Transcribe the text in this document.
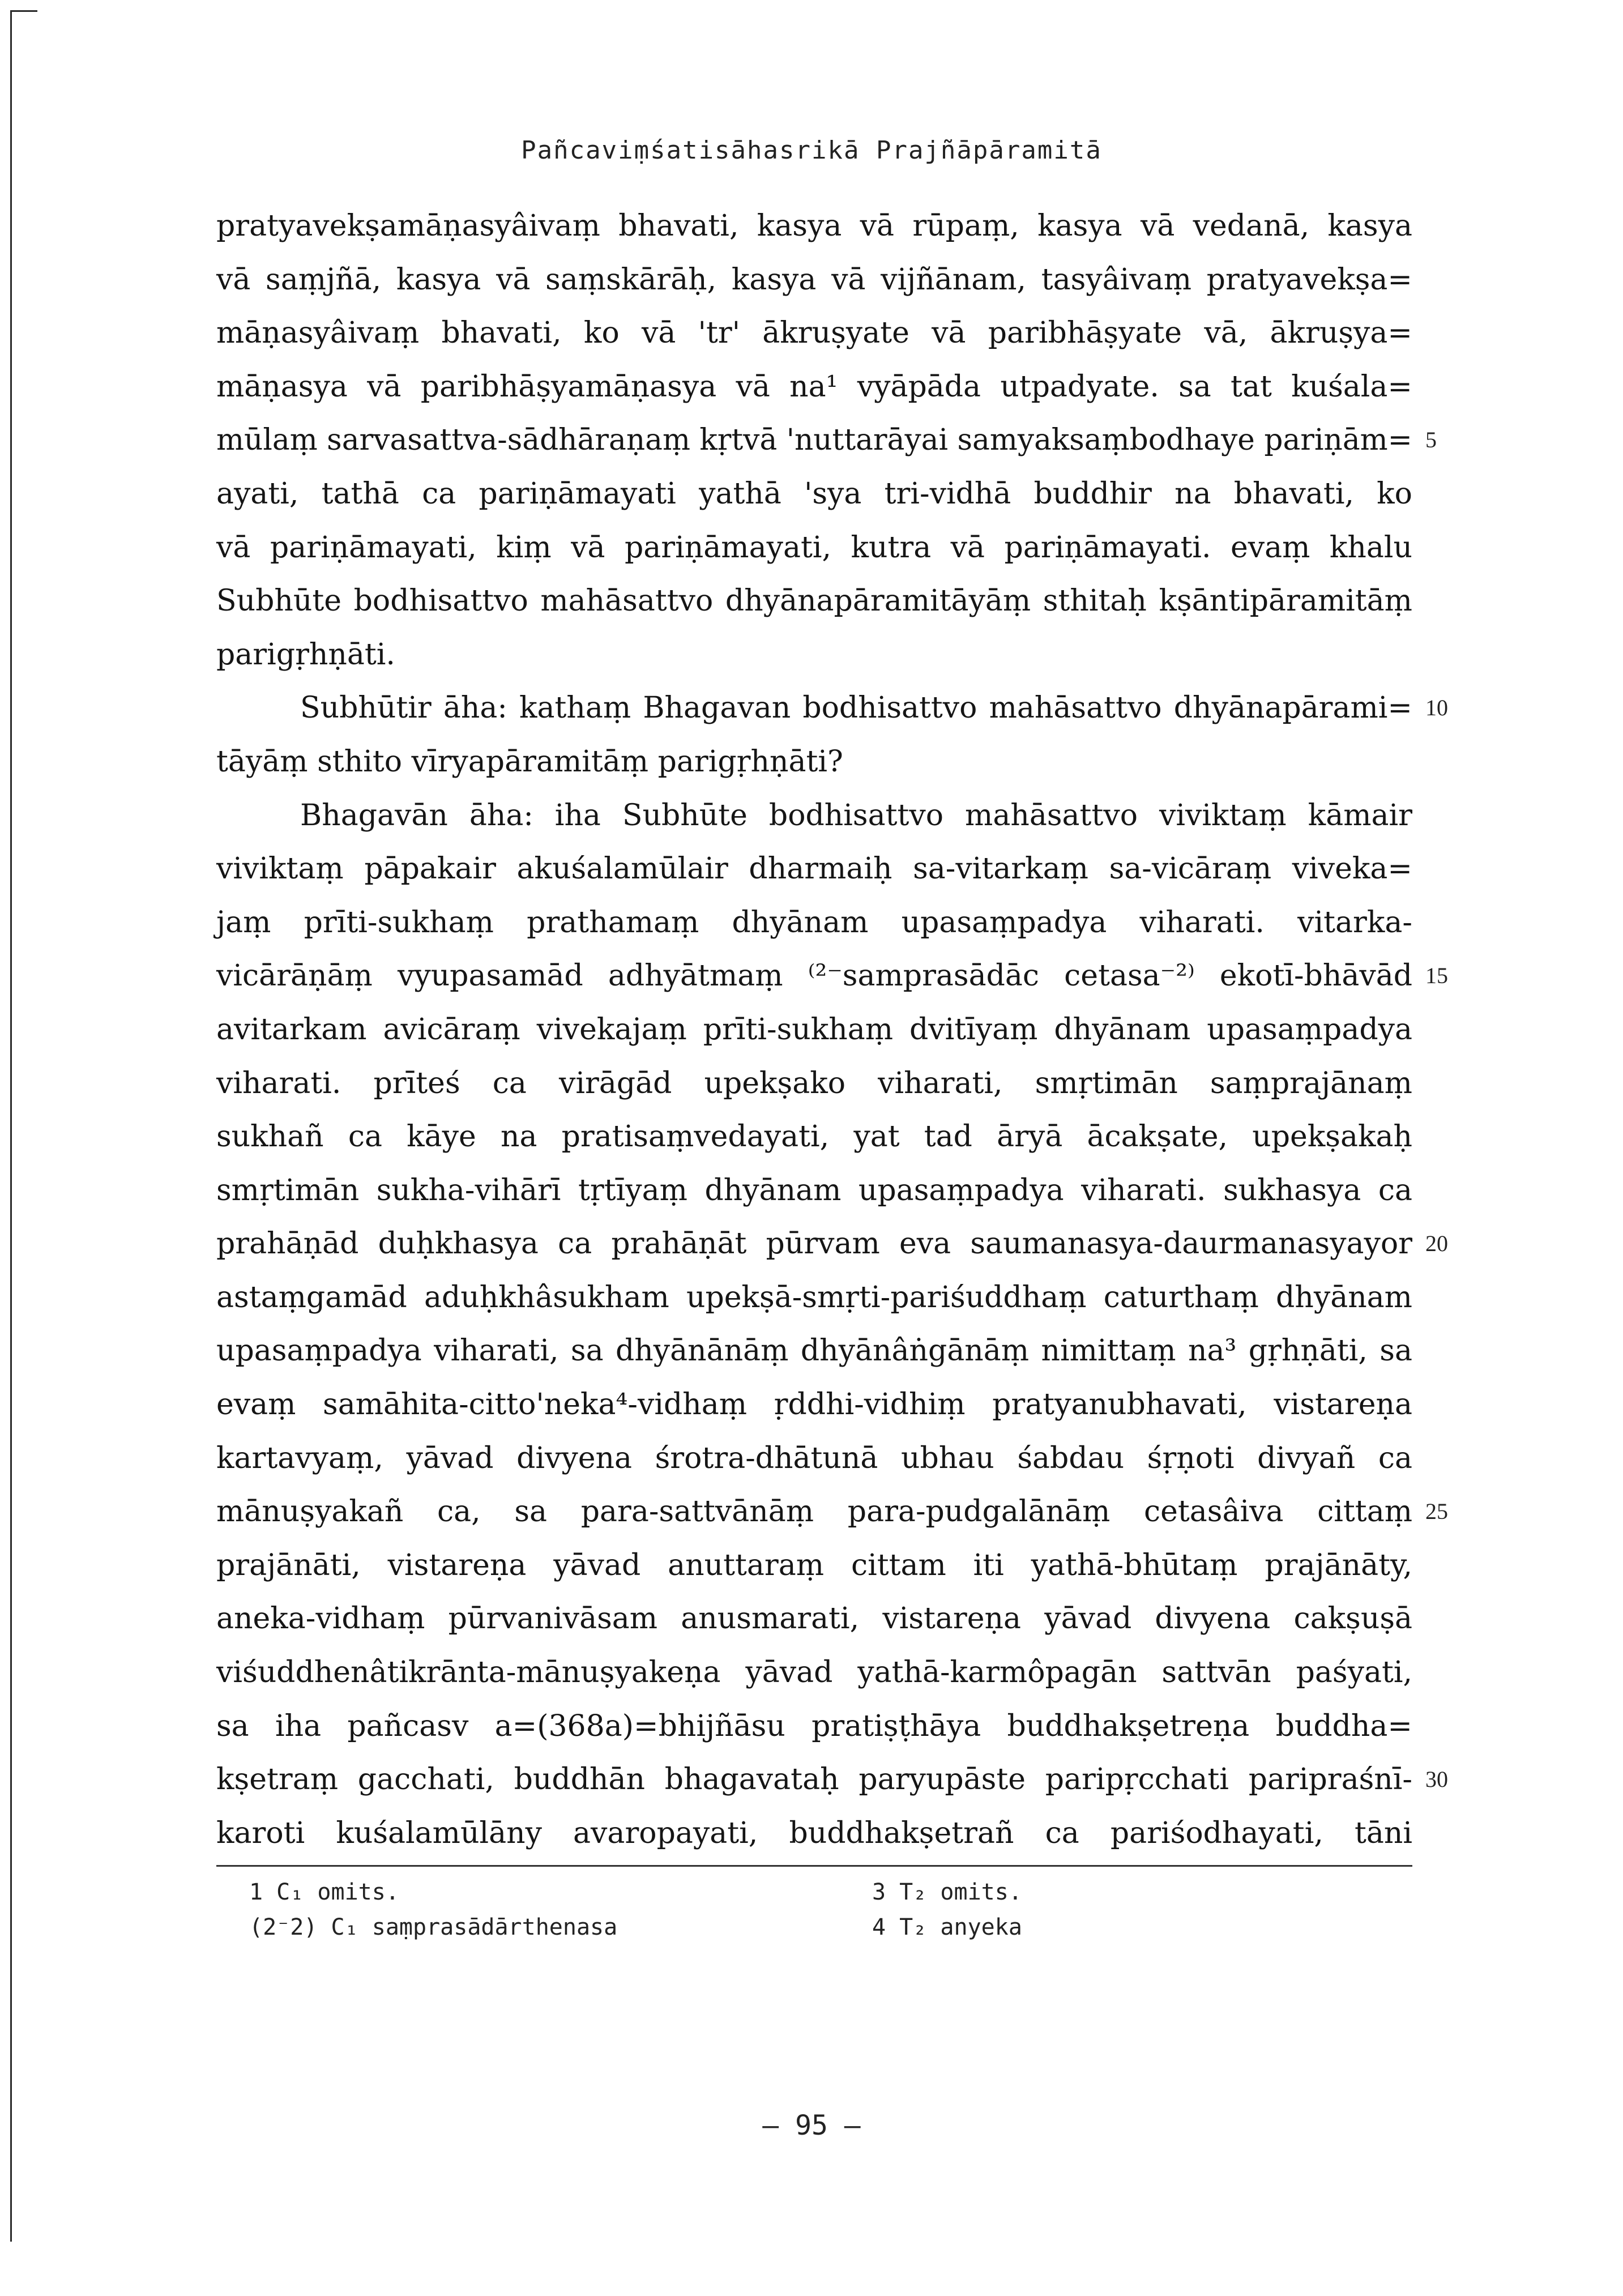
Pañcaviṃśatisāhasrikā Prajñāpāramitā
pratyavekṣamāṇasyâivaṃ bhavati, kasya vā rūpaṃ, kasya vā vedanā, kasya
vā saṃjñā, kasya vā saṃskārāḥ, kasya vā vijñānam, tasyâivaṃ pratyavekṣa=
māṇasyâivaṃ bhavati, ko vā 'tr' ākruṣyate vā paribhāṣyate vā, ākruṣya=
māṇasya vā paribhāṣyamāṇasya vā na¹ vyāpāda utpadyate. sa tat kuśala=
mūlaṃ sarvasattva-sādhāraṇaṃ kṛtvā 'nuttarāyai samyaksaṃbodhaye pariṇām= 5
ayati, tathā ca pariṇāmayati yathā 'sya tri-vidhā buddhir na bhavati, ko
vā pariṇāmayati, kiṃ vā pariṇāmayati, kutra vā pariṇāmayati. evaṃ khalu
Subhūte bodhisattvo mahāsattvo dhyānapāramitāyāṃ sthitaḥ kṣāntipāramitāṃ
parigṛhṇāti.
Subhūtir āha: kathaṃ Bhagavan bodhisattvo mahāsattvo dhyānapārami= 10
tāyāṃ sthito vīryapāramitāṃ parigṛhṇāti?
Bhagavān āha: iha Subhūte bodhisattvo mahāsattvo viviktaṃ kāmair
viviktaṃ pāpakair akuśalamūlair dharmaiḥ sa-vitarkaṃ sa-vicāraṃ viveka=
jaṃ prīti-sukhaṃ prathamaṃ dhyānam upasaṃpadya viharati. vitarka-
vicārāṇāṃ vyupasamād adhyātmaṃ ⁽²⁻samprasādāc cetasa⁻²⁾ ekotī-bhāvād 15
avitarkam avicāraṃ vivekajaṃ prīti-sukhaṃ dvitīyaṃ dhyānam upasaṃpadya
viharati. prīteś ca virāgād upekṣako viharati, smṛtimān saṃprajānaṃ
sukhañ ca kāye na pratisaṃvedayati, yat tad āryā ācakṣate, upekṣakaḥ
smṛtimān sukha-vihārī tṛtīyaṃ dhyānam upasaṃpadya viharati. sukhasya ca
prahāṇād duḥkhasya ca prahāṇāt pūrvam eva saumanasya-daurmanasyayor 20
astaṃgamād aduḥkhâsukham upekṣā-smṛti-pariśuddhaṃ caturthaṃ dhyānam
upasaṃpadya viharati, sa dhyānānāṃ dhyānâṅgānāṃ nimittaṃ na³ gṛhṇāti, sa
evaṃ samāhita-citto'neka⁴-vidhaṃ ṛddhi-vidhiṃ pratyanubhavati, vistareṇa
kartavyaṃ, yāvad divyena śrotra-dhātunā ubhau śabdau śṛṇoti divyañ ca
mānuṣyakañ ca, sa para-sattvānāṃ para-pudgalānāṃ cetasâiva cittaṃ 25
prajānāti, vistareṇa yāvad anuttaraṃ cittam iti yathā-bhūtaṃ prajānāty,
aneka-vidhaṃ pūrvanivāsam anusmarati, vistareṇa yāvad divyena cakṣuṣā
viśuddhenâtikrānta-mānuṣyakeṇa yāvad yathā-karmôpagān sattvān paśyati,
sa iha pañcasv a=(368a)=bhijñāsu pratiṣṭhāya buddhakṣetreṇa buddha=
kṣetraṃ gacchati, buddhān bhagavataḥ paryupāste paripṛcchati paripraśnī- 30
karoti kuśalamūlāny avaropayati, buddhakṣetrañ ca pariśodhayati, tāni
1 C₁ omits.
(2⁻2) C₁ saṃprasādārthenasa
3 T₂ omits.
4 T₂ anyeka
— 95 —
